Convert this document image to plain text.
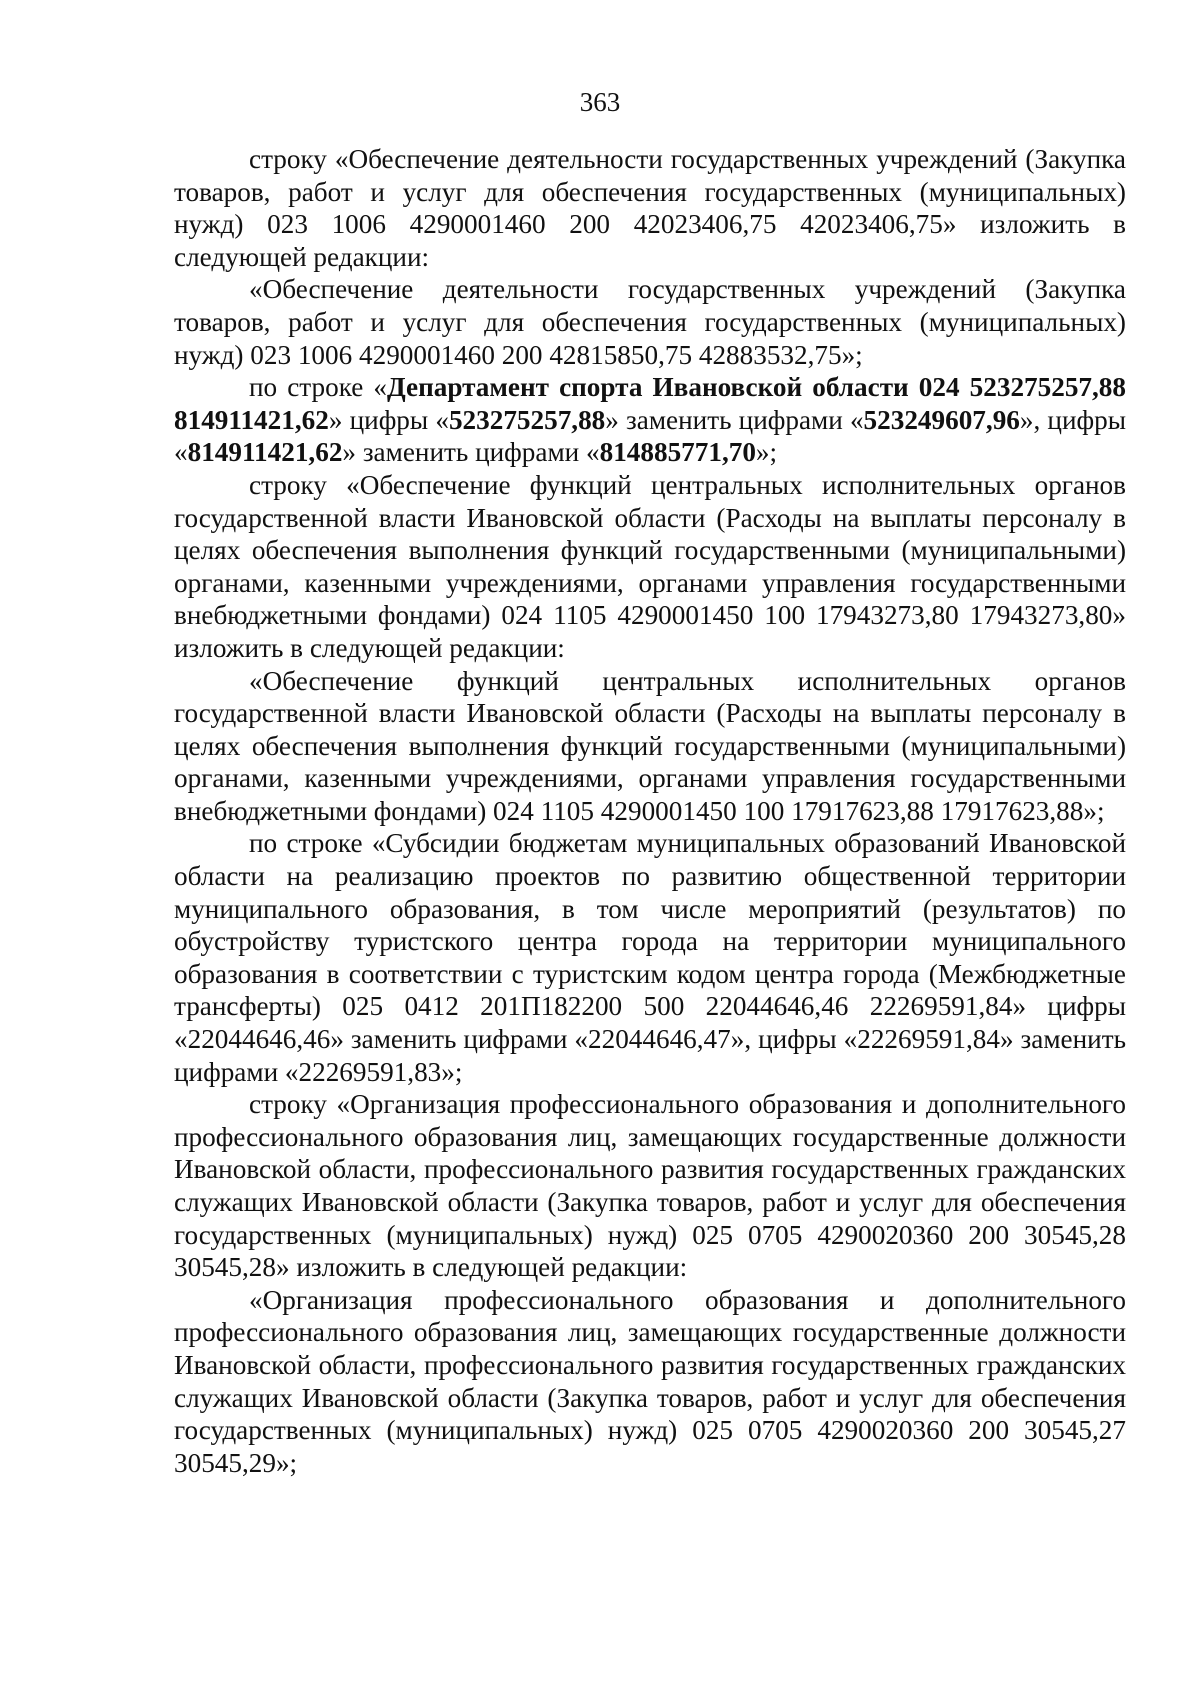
363

строку «Обеспечение деятельности государственных учреждений (Закупка товаров, работ и услуг для обеспечения государственных (муниципальных) нужд) 023 1006 4290001460 200 42023406,75 42023406,75» изложить в следующей редакции:

«Обеспечение деятельности государственных учреждений (Закупка товаров, работ и услуг для обеспечения государственных (муниципальных) нужд) 023 1006 4290001460 200 42815850,75 42883532,75»;

по строке «Департамент спорта Ивановской области 024 523275257,88 814911421,62» цифры «523275257,88» заменить цифрами «523249607,96», цифры «814911421,62» заменить цифрами «814885771,70»;

строку «Обеспечение функций центральных исполнительных органов государственной власти Ивановской области (Расходы на выплаты персоналу в целях обеспечения выполнения функций государственными (муниципальными) органами, казенными учреждениями, органами управления государственными внебюджетными фондами) 024 1105 4290001450 100 17943273,80 17943273,80» изложить в следующей редакции:

«Обеспечение функций центральных исполнительных органов государственной власти Ивановской области (Расходы на выплаты персоналу в целях обеспечения выполнения функций государственными (муниципальными) органами, казенными учреждениями, органами управления государственными внебюджетными фондами) 024 1105 4290001450 100 17917623,88 17917623,88»;

по строке «Субсидии бюджетам муниципальных образований Ивановской области на реализацию проектов по развитию общественной территории муниципального образования, в том числе мероприятий (результатов) по обустройству туристского центра города на территории муниципального образования в соответствии с туристским кодом центра города (Межбюджетные трансферты) 025 0412 201П182200 500 22044646,46 22269591,84» цифры «22044646,46» заменить цифрами «22044646,47», цифры «22269591,84» заменить цифрами «22269591,83»;

строку «Организация профессионального образования и дополнительного профессионального образования лиц, замещающих государственные должности Ивановской области, профессионального развития государственных гражданских служащих Ивановской области (Закупка товаров, работ и услуг для обеспечения государственных (муниципальных) нужд) 025 0705 4290020360 200 30545,28 30545,28» изложить в следующей редакции:

«Организация профессионального образования и дополнительного профессионального образования лиц, замещающих государственные должности Ивановской области, профессионального развития государственных гражданских служащих Ивановской области (Закупка товаров, работ и услуг для обеспечения государственных (муниципальных) нужд) 025 0705 4290020360 200 30545,27 30545,29»;
